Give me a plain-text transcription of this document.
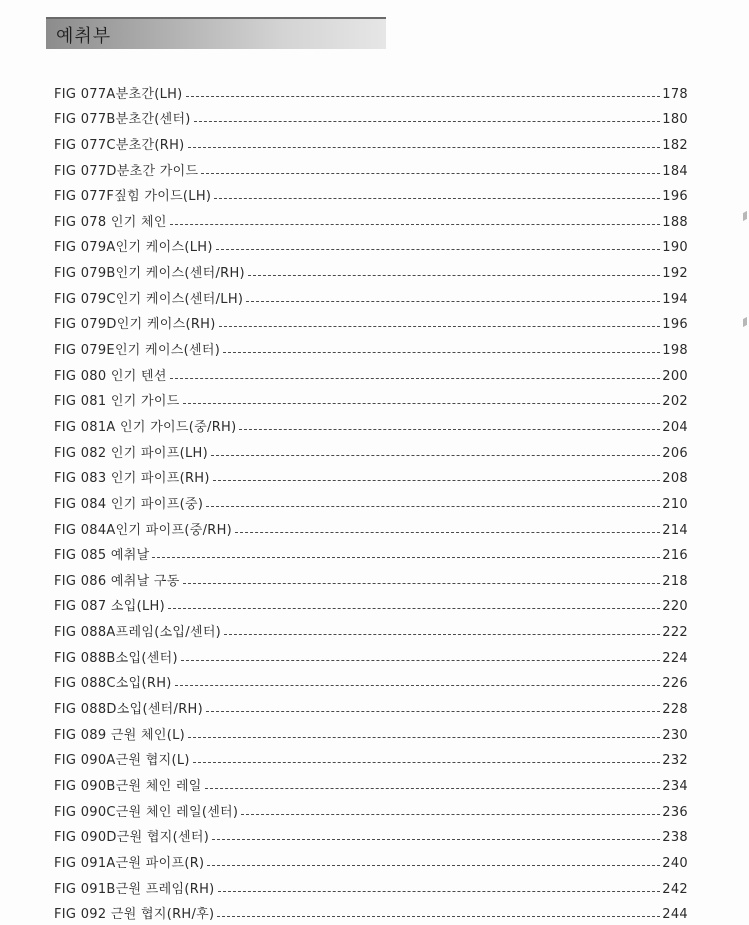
예취부
FIG 077A분초간(LH)	178
FIG 077B분초간(센터)	180
FIG 077C분초간(RH)	182
FIG 077D분초간 가이드	184
FIG 077F짚힘 가이드(LH)	196
FIG 078 인기 체인	188
FIG 079A인기 케이스(LH)	190
FIG 079B인기 케이스(센터/RH)	192
FIG 079C인기 케이스(센터/LH)	194
FIG 079D인기 케이스(RH)	196
FIG 079E인기 케이스(센터)	198
FIG 080 인기 텐션	200
FIG 081 인기 가이드	202
FIG 081A 인기 가이드(중/RH)	204
FIG 082 인기 파이프(LH)	206
FIG 083 인기 파이프(RH)	208
FIG 084 인기 파이프(중)	210
FIG 084A인기 파이프(중/RH)	214
FIG 085 예취날	216
FIG 086 예취날 구동	218
FIG 087 소입(LH)	220
FIG 088A프레임(소입/센터)	222
FIG 088B소입(센터)	224
FIG 088C소입(RH)	226
FIG 088D소입(센터/RH)	228
FIG 089 근원 체인(L)	230
FIG 090A근원 협지(L)	232
FIG 090B근원 체인 레일	234
FIG 090C근원 체인 레일(센터)	236
FIG 090D근원 협지(센터)	238
FIG 091A근원 파이프(R)	240
FIG 091B근원 프레임(RH)	242
FIG 092 근원 협지(RH/후)	244
